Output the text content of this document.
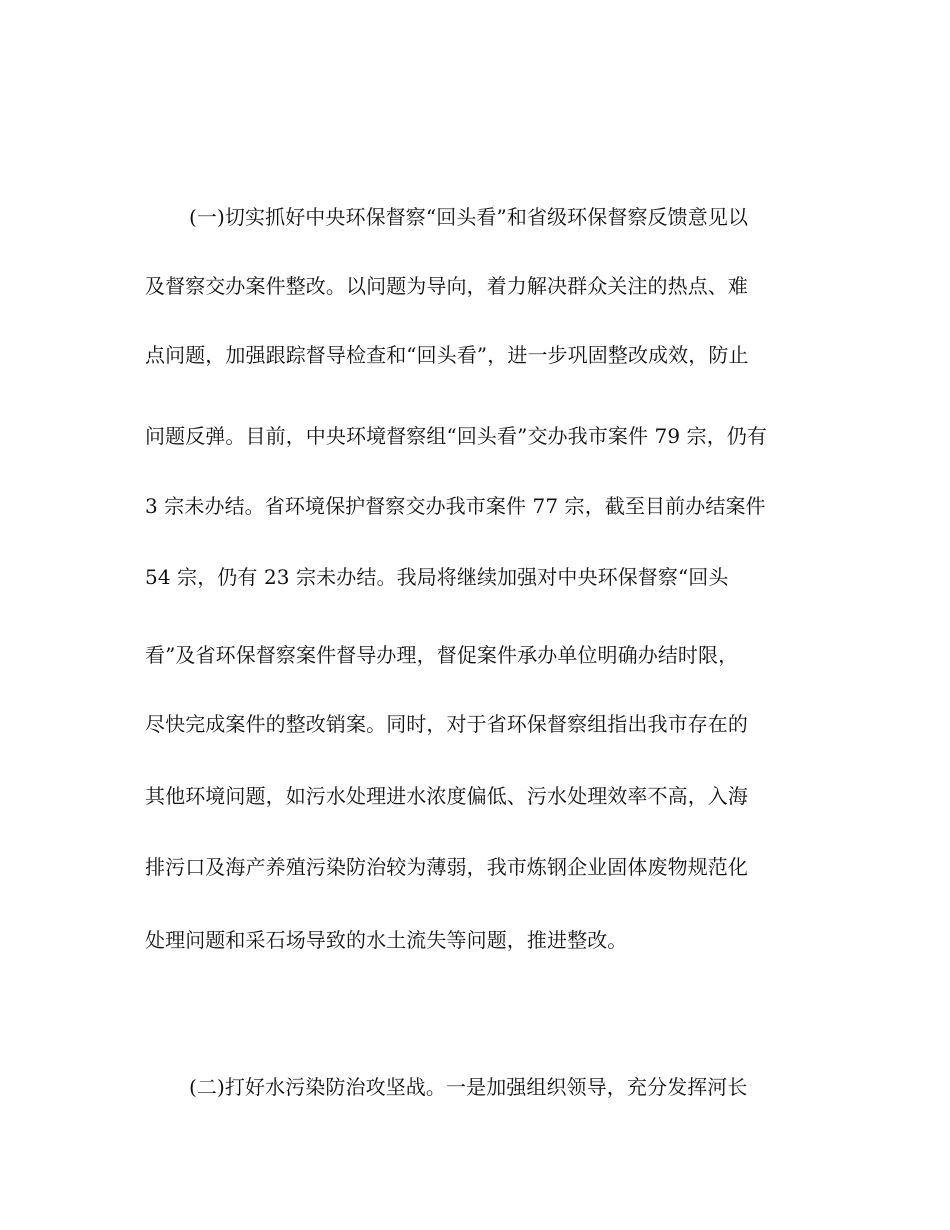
(一)切实抓好中央环保督察“回头看”和省级环保督察反馈意见以
及督察交办案件整改。以问题为导向，着力解决群众关注的热点、难
点问题，加强跟踪督导检查和“回头看”，进一步巩固整改成效，防止
问题反弹。目前，中央环境督察组“回头看”交办我市案件 79 宗，仍有
3 宗未办结。省环境保护督察交办我市案件 77 宗，截至目前办结案件
54 宗，仍有 23 宗未办结。我局将继续加强对中央环保督察“回头
看”及省环保督察案件督导办理，督促案件承办单位明确办结时限，
尽快完成案件的整改销案。同时，对于省环保督察组指出我市存在的
其他环境问题，如污水处理进水浓度偏低、污水处理效率不高，入海
排污口及海产养殖污染防治较为薄弱，我市炼钢企业固体废物规范化
处理问题和采石场导致的水土流失等问题，推进整改。
(二)打好水污染防治攻坚战。一是加强组织领导，充分发挥河长
